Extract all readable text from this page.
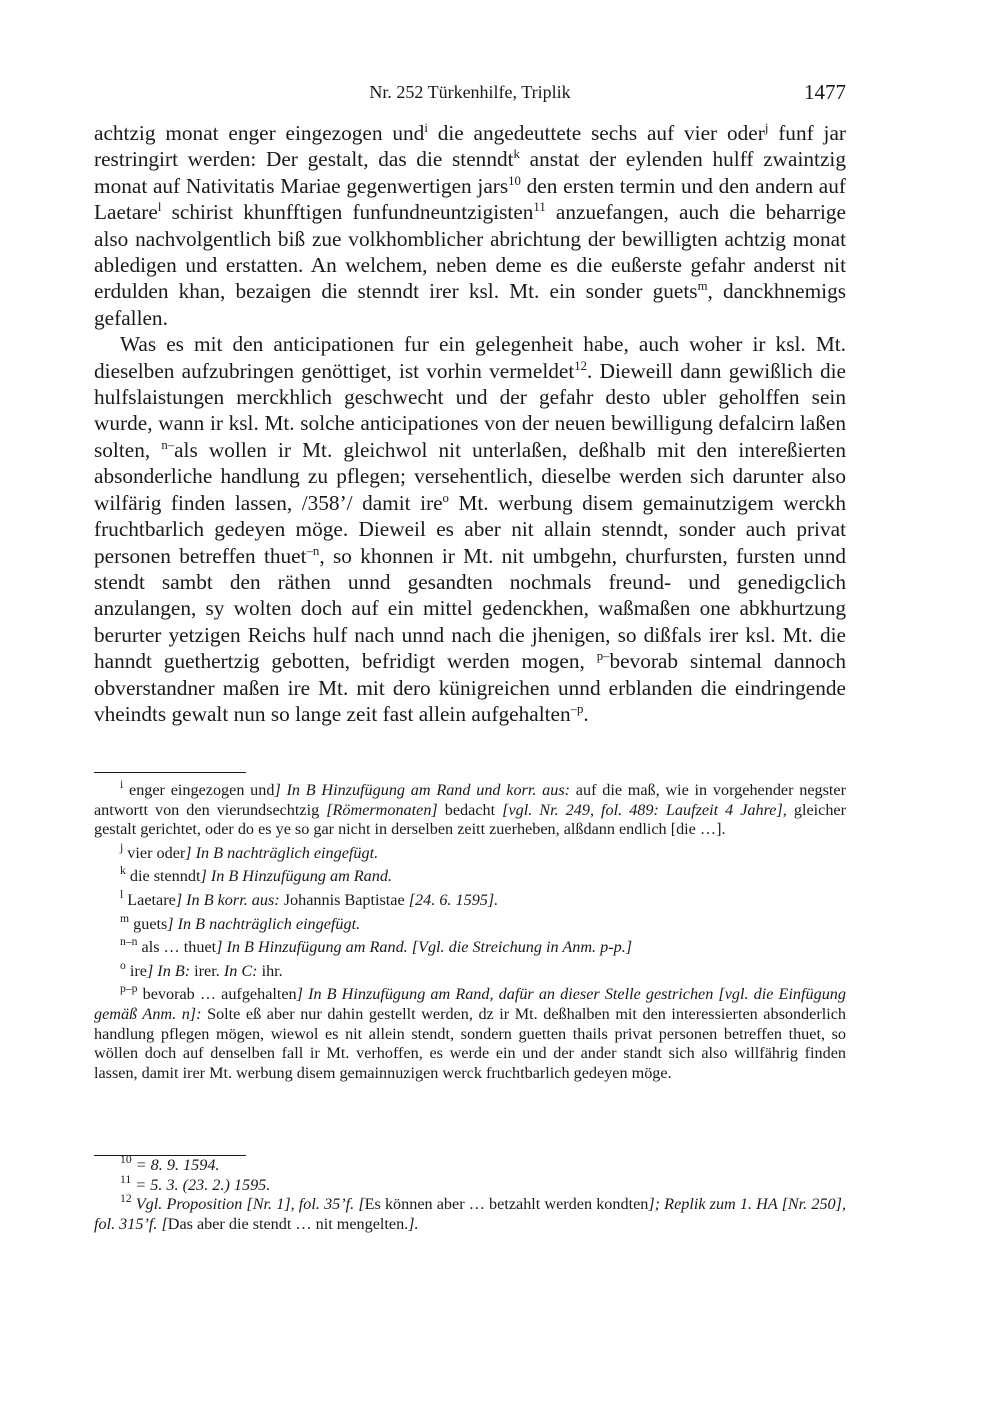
Nr. 252 Türkenhilfe, Triplik	1477

achtzig monat enger eingezogen und$^i$ die angedeuttete sechs auf vier oder$^j$ funf jar restringirt werden: Der gestalt, das die stenndt$^k$ anstat der eylenden hulff zwaintzig monat auf Nativitatis Mariae gegenwertigen jars$^{10}$ den ersten termin und den andern auf Laetare$^l$ schirist khunfftigen funfundneuntzigisten$^{11}$ anzuefangen, auch die beharrige also nachvolgentlich biß zue volkhomblicher abrichtung der bewilligten achtzig monat abledigen und erstatten. An welchem, neben deme es die eußerste gefahr anderst nit erdulden khan, bezaigen die stenndt irer ksl. Mt. ein sonder guets$^m$, danckhnemigs gefallen.

Was es mit den anticipationen fur ein gelegenheit habe, auch woher ir ksl. Mt. dieselben aufzubringen genöttiget, ist vorhin vermeldet$^{12}$. Dieweill dann gewißlich die hulfslaistungen merckhlich geschwecht und der gefahr desto ubler geholffen sein wurde, wann ir ksl. Mt. solche anticipationes von der neuen bewilligung defalcirn laßen solten, $^{n-}$als wollen ir Mt. gleichwol nit unterlaßen, deßhalb mit den intereßierten absonderliche handlung zu pflegen; versehentlich, dieselbe werden sich darunter also wilfärig finden lassen, /358’/ damit ire$^o$ Mt. werbung disem gemainutzigem werckh fruchtbarlich gedeyen möge. Dieweil es aber nit allain stenndt, sonder auch privat personen betreffen thuet$^{-n}$, so khonnen ir Mt. nit umbgehn, churfursten, fursten unnd stendt sambt den räthen unnd gesandten nochmals freund- und genedigclich anzulangen, sy wolten doch auf ein mittel gedenckhen, waßmaßen one abkhurtzung berurter yetzigen Reichs hulf nach unnd nach die jhenigen, so dißfals irer ksl. Mt. die hanndt guethertzig gebotten, befridigt werden mogen, $^{p-}$bevorab sintemal dannoch obverstandner maßen ire Mt. mit dero künigreichen unnd erblanden die eindringende vheindts gewalt nun so lange zeit fast allein aufgehalten$^{-p}$.

$^i$ enger eingezogen und] In B Hinzufügung am Rand und korr. aus: auf die maß, wie in vorgehender negster antwortt von den vierundsechtzig [Römermonaten] bedacht [vgl. Nr. 249, fol. 489: Laufzeit 4 Jahre], gleicher gestalt gerichtet, oder do es ye so gar nicht in derselben zeitt zuerheben, alßdann endlich [die …].

$^j$ vier oder] In B nachträglich eingefügt.

$^k$ die stenndt] In B Hinzufügung am Rand.

$^l$ Laetare] In B korr. aus: Johannis Baptistae [24. 6. 1595].

$^m$ guets] In B nachträglich eingefügt.

$^{n-n}$ als … thuet] In B Hinzufügung am Rand. [Vgl. die Streichung in Anm. p-p.]

$^o$ ire] In B: irer. In C: ihr.

$^{p-p}$ bevorab … aufgehalten] In B Hinzufügung am Rand, dafür an dieser Stelle gestrichen [vgl. die Einfügung gemäß Anm. n]: Solte eß aber nur dahin gestellt werden, dz ir Mt. deßhalben mit den interessierten absonderlich handlung pflegen mögen, wiewol es nit allein stendt, sondern guetten thails privat personen betreffen thuet, so wöllen doch auf denselben fall ir Mt. verhoffen, es werde ein und der ander standt sich also willfährig finden lassen, damit irer Mt. werbung disem gemainnuzigen werck fruchtbarlich gedeyen möge.

$^{10}$ = 8. 9. 1594.

$^{11}$ = 5. 3. (23. 2.) 1595.

$^{12}$ Vgl. Proposition [Nr. 1], fol. 35’f. [Es können aber … betzahlt werden kondten]; Replik zum 1. HA [Nr. 250], fol. 315’f. [Das aber die stendt … nit mengelten.].
